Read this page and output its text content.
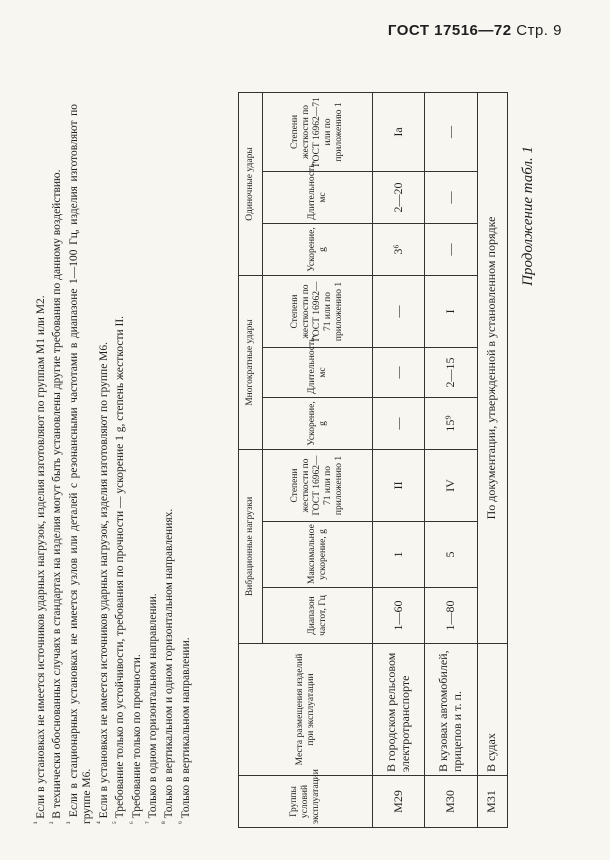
ГОСТ 17516—72 Стр. 9
Продолжение табл. 1
Группы условий эксплуатации	Места размещения изделий при эксплуатации	Вибрационные нагрузки			Многократные удары			Одиночные удары		
		Диапазон частот, Гц	Максимальное ускорение, g	Степени жесткости по ГОСТ 16962—71 или по приложению 1	Ускорение, g	Длительность, мс	Степени жесткости по ГОСТ 16962—71 или по приложению 1	Ускорение, g	Длительность, мс	Степени жесткости по ГОСТ 16962—71 или по приложению 1
М29	В городском рельсовом электротранспорте	1—60	1	II	—	—	—	3⁶	2—20	Iа
М30	В кузовах автомобилей, прицепов и т. п.	1—80	5	IV	15⁹	2—15	I	—	—	—
М31	В судах	По документации, утвержденной в установленном порядке								

$^{^1}$ Если в установках не имеется источников ударных нагрузок, изделия изготовляют по группам М1 или М2.

$^{^2}$ В технически обоснованных случаях в стандартах на изделия могут быть установлены другие требования по данному воздействию.

$^{^3}$ Если в стационарных установках не имеется узлов или деталей с резонансными частотами в диапазоне 1—100 Гц, изделия изготовляют по группе М6. $^{^4}$ Если в установках не имеется источников ударных нагрузок, изделия изготовляют по группе М6.

$^{^5}$ Требование только по устойчивости, требования по прочности — ускорение 1 g, степень жесткости II.

$^{^6}$ Требование только по прочности.

$^{^7}$ Только в одном горизонтальном направлении.

$^{^8}$ Только в вертикальном и одном горизонтальном направлениях.

$^{^9}$ Только в вертикальном направлении.
